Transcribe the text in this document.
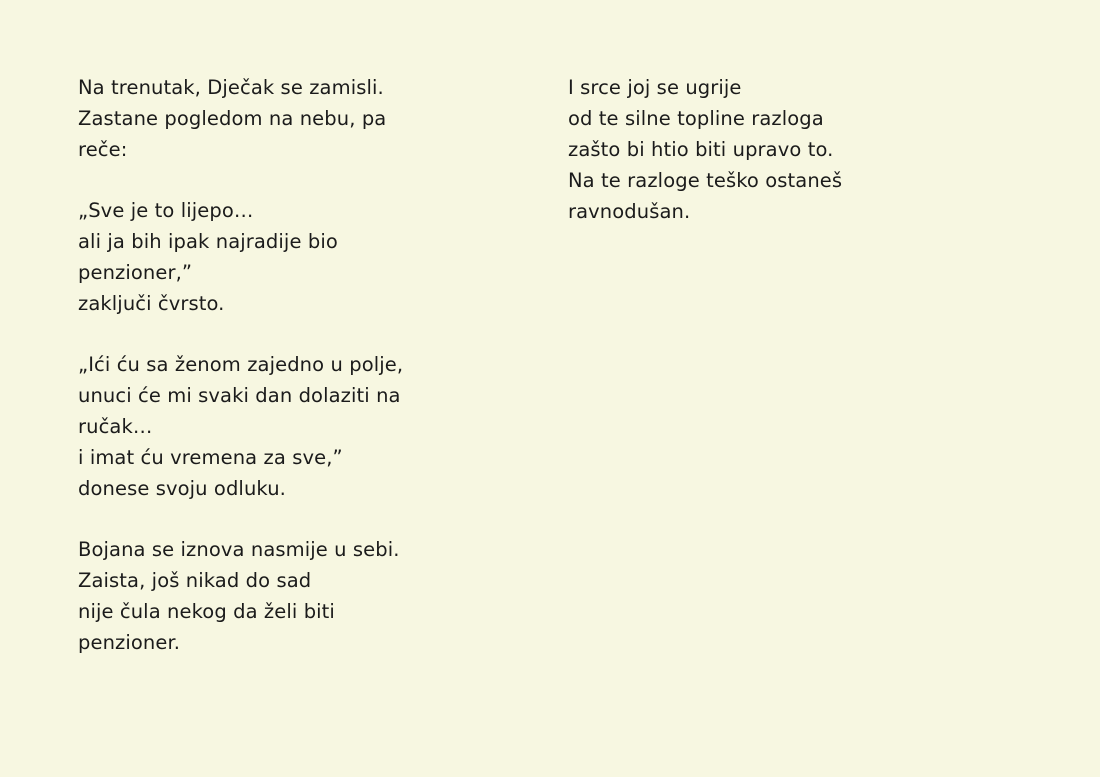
Na trenutak, Dječak se zamisli.
Zastane pogledom na nebu, pa
reče:
„Sve je to lijepo…
ali ja bih ipak najradije bio
penzioner,”
zaključi čvrsto.
„Ići ću sa ženom zajedno u polje,
unuci će mi svaki dan dolaziti na
ručak…
i imat ću vremena za sve,”
donese svoju odluku.
Bojana se iznova nasmije u sebi.
Zaista, još nikad do sad
nije čula nekog da želi biti
penzioner.
I srce joj se ugrije
od te silne topline razloga
zašto bi htio biti upravo to.
Na te razloge teško ostaneš
ravnodušan.
